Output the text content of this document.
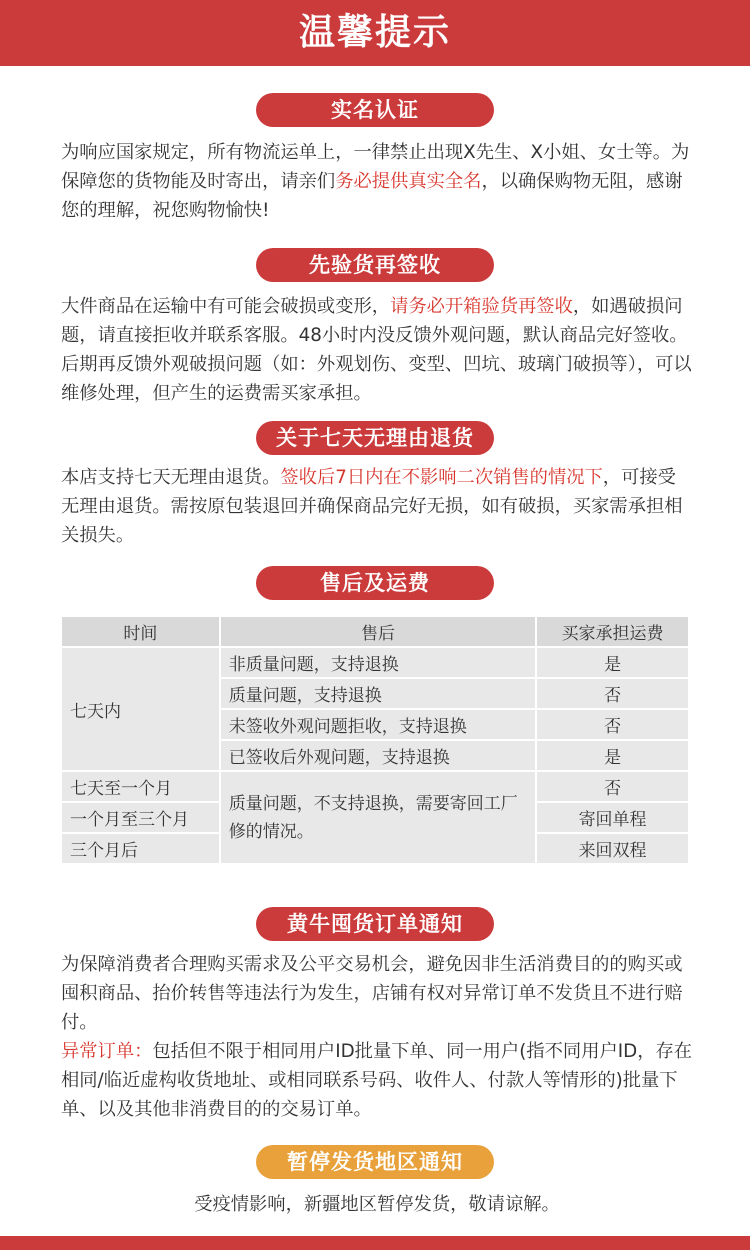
温馨提示
实名认证
为响应国家规定，所有物流运单上，一律禁止出现X先生、X小姐、女士等。为保障您的货物能及时寄出，请亲们务必提供真实全名，以确保购物无阻，感谢您的理解，祝您购物愉快!
先验货再签收
大件商品在运输中有可能会破损或变形，请务必开箱验货再签收，如遇破损问题，请直接拒收并联系客服。48小时内没反馈外观问题，默认商品完好签收。后期再反馈外观破损问题（如：外观划伤、变型、凹坑、玻璃门破损等），可以维修处理，但产生的运费需买家承担。
关于七天无理由退货
本店支持七天无理由退货。签收后7日内在不影响二次销售的情况下，可接受无理由退货。需按原包装退回并确保商品完好无损，如有破损，买家需承担相关损失。
售后及运费
时间	售后	买家承担运费
七天内	非质量问题，支持退换	是
	质量问题，支持退换	否
	未签收外观问题拒收，支持退换	否
	已签收后外观问题，支持退换	是
七天至一个月	质量问题，不支持退换，需要寄回工厂修的情况。	否
一个月至三个月		寄回单程
三个月后		来回双程
黄牛囤货订单通知
为保障消费者合理购买需求及公平交易机会，避免因非生活消费目的的购买或囤积商品、抬价转售等违法行为发生，店铺有权对异常订单不发货且不进行赔付。
异常订单：包括但不限于相同用户ID批量下单、同一用户(指不同用户ID，存在相同/临近虚构收货地址、或相同联系号码、收件人、付款人等情形的)批量下单、以及其他非消费目的的交易订单。
暂停发货地区通知
受疫情影响，新疆地区暂停发货，敬请谅解。
